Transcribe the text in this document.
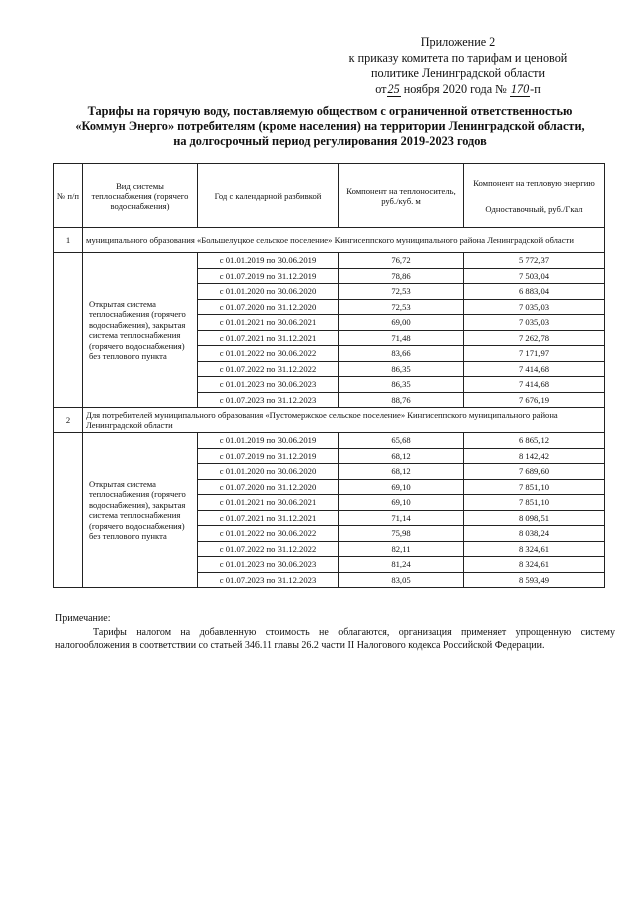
Приложение 2
к приказу комитета по тарифам и ценовой
политике Ленинградской области
от25 ноября 2020 года № 170-п
Тарифы на горячую воду, поставляемую обществом с ограниченной ответственностью
«Коммун Энерго» потребителям (кроме населения) на территории Ленинградской области,
на долгосрочный период регулирования 2019-2023 годов
№ п/п	Вид системы теплоснабжения (горячего водоснабжения)	Год с календарной разбивкой	Компонент на теплоноситель, руб./куб. м	Компонент на тепловую энергию
Одноставочный, руб./Гкал

1	муниципального образования «Большелуцкое сельское поселение» Кингисеппского муниципального района Ленинградской области			
	Открытая система теплоснабжения (горячего водоснабжения), закрытая система теплоснабжения (горячего водоснабжения) без теплового пункта	с 01.01.2019 по 30.06.2019	76,72	5 772,37
		с 01.07.2019 по 31.12.2019	78,86	7 503,04
		с 01.01.2020 по 30.06.2020	72,53	6 883,04
		с 01.07.2020 по 31.12.2020	72,53	7 035,03
		с 01.01.2021 по 30.06.2021	69,00	7 035,03
		с 01.07.2021 по 31.12.2021	71,48	7 262,78
		с 01.01.2022 по 30.06.2022	83,66	7 171,97
		с 01.07.2022 по 31.12.2022	86,35	7 414,68
		с 01.01.2023 по 30.06.2023	86,35	7 414,68
		с 01.07.2023 по 31.12.2023	88,76	7 676,19
2	Для потребителей муниципального образования «Пустомержское сельское поселение» Кингисеппского муниципального района Ленинградской области			
	Открытая система теплоснабжения (горячего водоснабжения), закрытая система теплоснабжения (горячего водоснабжения) без теплового пункта	с 01.01.2019 по 30.06.2019	65,68	6 865,12
		с 01.07.2019 по 31.12.2019	68,12	8 142,42
		с 01.01.2020 по 30.06.2020	68,12	7 689,60
		с 01.07.2020 по 31.12.2020	69,10	7 851,10
		с 01.01.2021 по 30.06.2021	69,10	7 851,10
		с 01.07.2021 по 31.12.2021	71,14	8 098,51
		с 01.01.2022 по 30.06.2022	75,98	8 038,24
		с 01.07.2022 по 31.12.2022	82,11	8 324,61
		с 01.01.2023 по 30.06.2023	81,24	8 324,61
		с 01.07.2023 по 31.12.2023	83,05	8 593,49
Примечание:
Тарифы налогом на добавленную стоимость не облагаются, организация применяет упрощенную систему налогообложения в соответствии со статьей 346.11 главы 26.2 части II Налогового кодекса Российской Федерации.
